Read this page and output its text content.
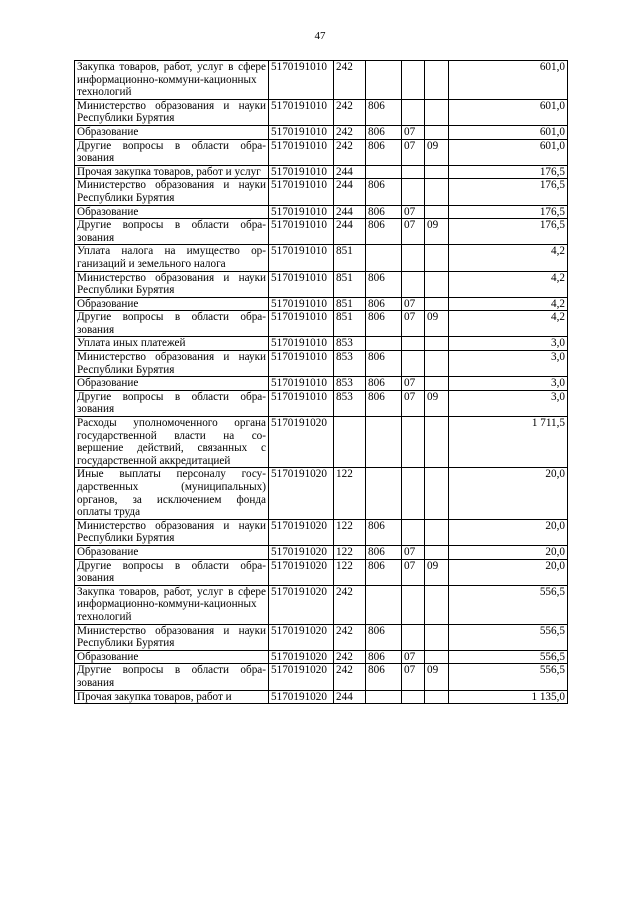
47
Закупка товаров, работ, услуг в сфере информационно-коммуни-кационных технологий	5170191010	242				601,0
Министерство образования и науки Республики Бурятия	5170191010	242	806			601,0
Образование	5170191010	242	806	07		601,0
Другие вопросы в области обра-зования	5170191010	242	806	07	09	601,0
Прочая закупка товаров, работ и услуг	5170191010	244				176,5
Министерство образования и науки Республики Бурятия	5170191010	244	806			176,5
Образование	5170191010	244	806	07		176,5
Другие вопросы в области обра-зования	5170191010	244	806	07	09	176,5
Уплата налога на имущество ор-ганизаций и земельного налога	5170191010	851				4,2
Министерство образования и науки Республики Бурятия	5170191010	851	806			4,2
Образование	5170191010	851	806	07		4,2
Другие вопросы в области обра-зования	5170191010	851	806	07	09	4,2
Уплата иных платежей	5170191010	853				3,0
Министерство образования и науки Республики Бурятия	5170191010	853	806			3,0
Образование	5170191010	853	806	07		3,0
Другие вопросы в области обра-зования	5170191010	853	806	07	09	3,0
Расходы уполномоченного органа государственной власти на со-вершение действий, связанных с государственной аккредитацией	5170191020					1 711,5
Иные выплаты персоналу госу-дарственных (муниципальных) органов, за исключением фонда оплаты труда	5170191020	122				20,0
Министерство образования и науки Республики Бурятия	5170191020	122	806			20,0
Образование	5170191020	122	806	07		20,0
Другие вопросы в области обра-зования	5170191020	122	806	07	09	20,0
Закупка товаров, работ, услуг в сфере информационно-коммуни-кационных технологий	5170191020	242				556,5
Министерство образования и науки Республики Бурятия	5170191020	242	806			556,5
Образование	5170191020	242	806	07		556,5
Другие вопросы в области обра-зования	5170191020	242	806	07	09	556,5
Прочая закупка товаров, работ и	5170191020	244				1 135,0
